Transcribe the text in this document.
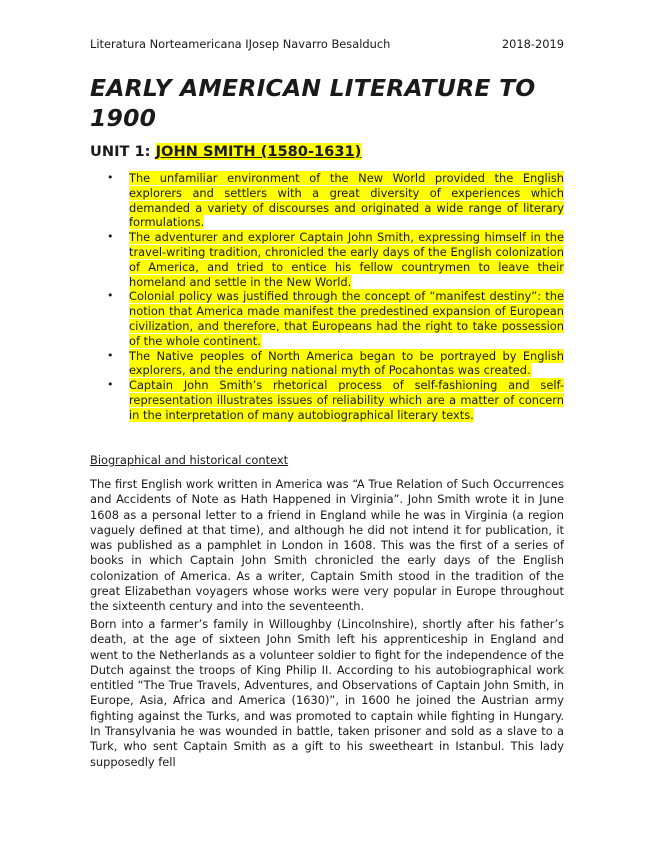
Literatura Norteamericana IJosep Navarro Besalduch	2018-2019
EARLY AMERICAN LITERATURE TO 1900
UNIT 1: JOHN SMITH (1580-1631)
• The unfamiliar environment of the New World provided the English explorers and settlers with a great diversity of experiences which demanded a variety of discourses and originated a wide range of literary formulations.
• The adventurer and explorer Captain John Smith, expressing himself in the travel-writing tradition, chronicled the early days of the English colonization of America, and tried to entice his fellow countrymen to leave their homeland and settle in the New World.
• Colonial policy was justified through the concept of “manifest destiny”: the notion that America made manifest the predestined expansion of European civilization, and therefore, that Europeans had the right to take possession of the whole continent.
• The Native peoples of North America began to be portrayed by English explorers, and the enduring national myth of Pocahontas was created.
• Captain John Smith’s rhetorical process of self-fashioning and self-representation illustrates issues of reliability which are a matter of concern in the interpretation of many autobiographical literary texts.
Biographical and historical context

The first English work written in America was “A True Relation of Such Occurrences and Accidents of Note as Hath Happened in Virginia”. John Smith wrote it in June 1608 as a personal letter to a friend in England while he was in Virginia (a region vaguely defined at that time), and although he did not intend it for publication, it was published as a pamphlet in London in 1608. This was the first of a series of books in which Captain John Smith chronicled the early days of the English colonization of America. As a writer, Captain Smith stood in the tradition of the great Elizabethan voyagers whose works were very popular in Europe throughout the sixteenth century and into the seventeenth.

Born into a farmer’s family in Willoughby (Lincolnshire), shortly after his father’s death, at the age of sixteen John Smith left his apprenticeship in England and went to the Netherlands as a volunteer soldier to fight for the independence of the Dutch against the troops of King Philip II. According to his autobiographical work entitled “The True Travels, Adventures, and Observations of Captain John Smith, in Europe, Asia, Africa and America (1630)”, in 1600 he joined the Austrian army fighting against the Turks, and was promoted to captain while fighting in Hungary. In Transylvania he was wounded in battle, taken prisoner and sold as a slave to a Turk, who sent Captain Smith as a gift to his sweetheart in Istanbul. This lady supposedly fell
